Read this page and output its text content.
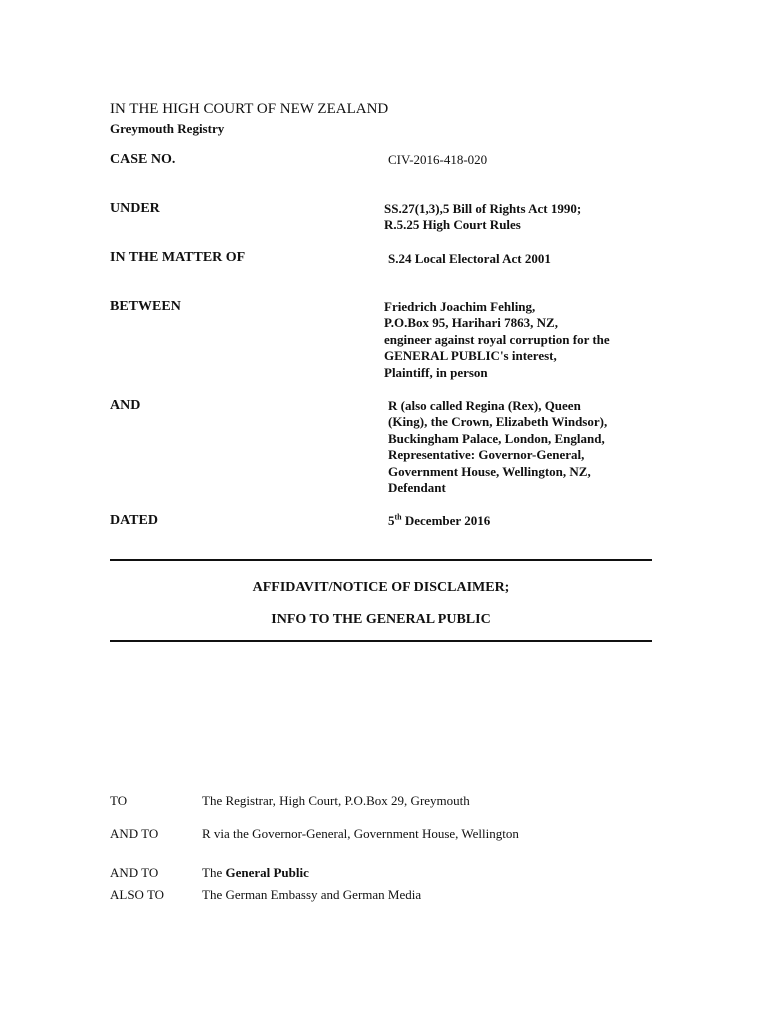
IN THE HIGH COURT OF NEW ZEALAND
Greymouth Registry
CASE NO.	CIV-2016-418-020
UNDER	SS.27(1,3),5 Bill of Rights Act 1990;
R.5.25 High Court Rules
IN THE MATTER OF	S.24 Local Electoral Act 2001
BETWEEN	Friedrich Joachim Fehling,
P.O.Box 95, Harihari 7863, NZ,
engineer against royal corruption for the
GENERAL PUBLIC's interest,
Plaintiff, in person
AND	R (also called Regina (Rex), Queen
(King), the Crown, Elizabeth Windsor),
Buckingham Palace, London, England,
Representative: Governor-General,
Government House, Wellington, NZ,
Defendant
DATED	5th December 2016
AFFIDAVIT/NOTICE OF DISCLAIMER;
INFO TO THE GENERAL PUBLIC
TO	The Registrar, High Court, P.O.Box 29, Greymouth
AND TO	R via the Governor-General, Government House, Wellington
AND TO	The General Public
ALSO TO	The German Embassy and German Media
